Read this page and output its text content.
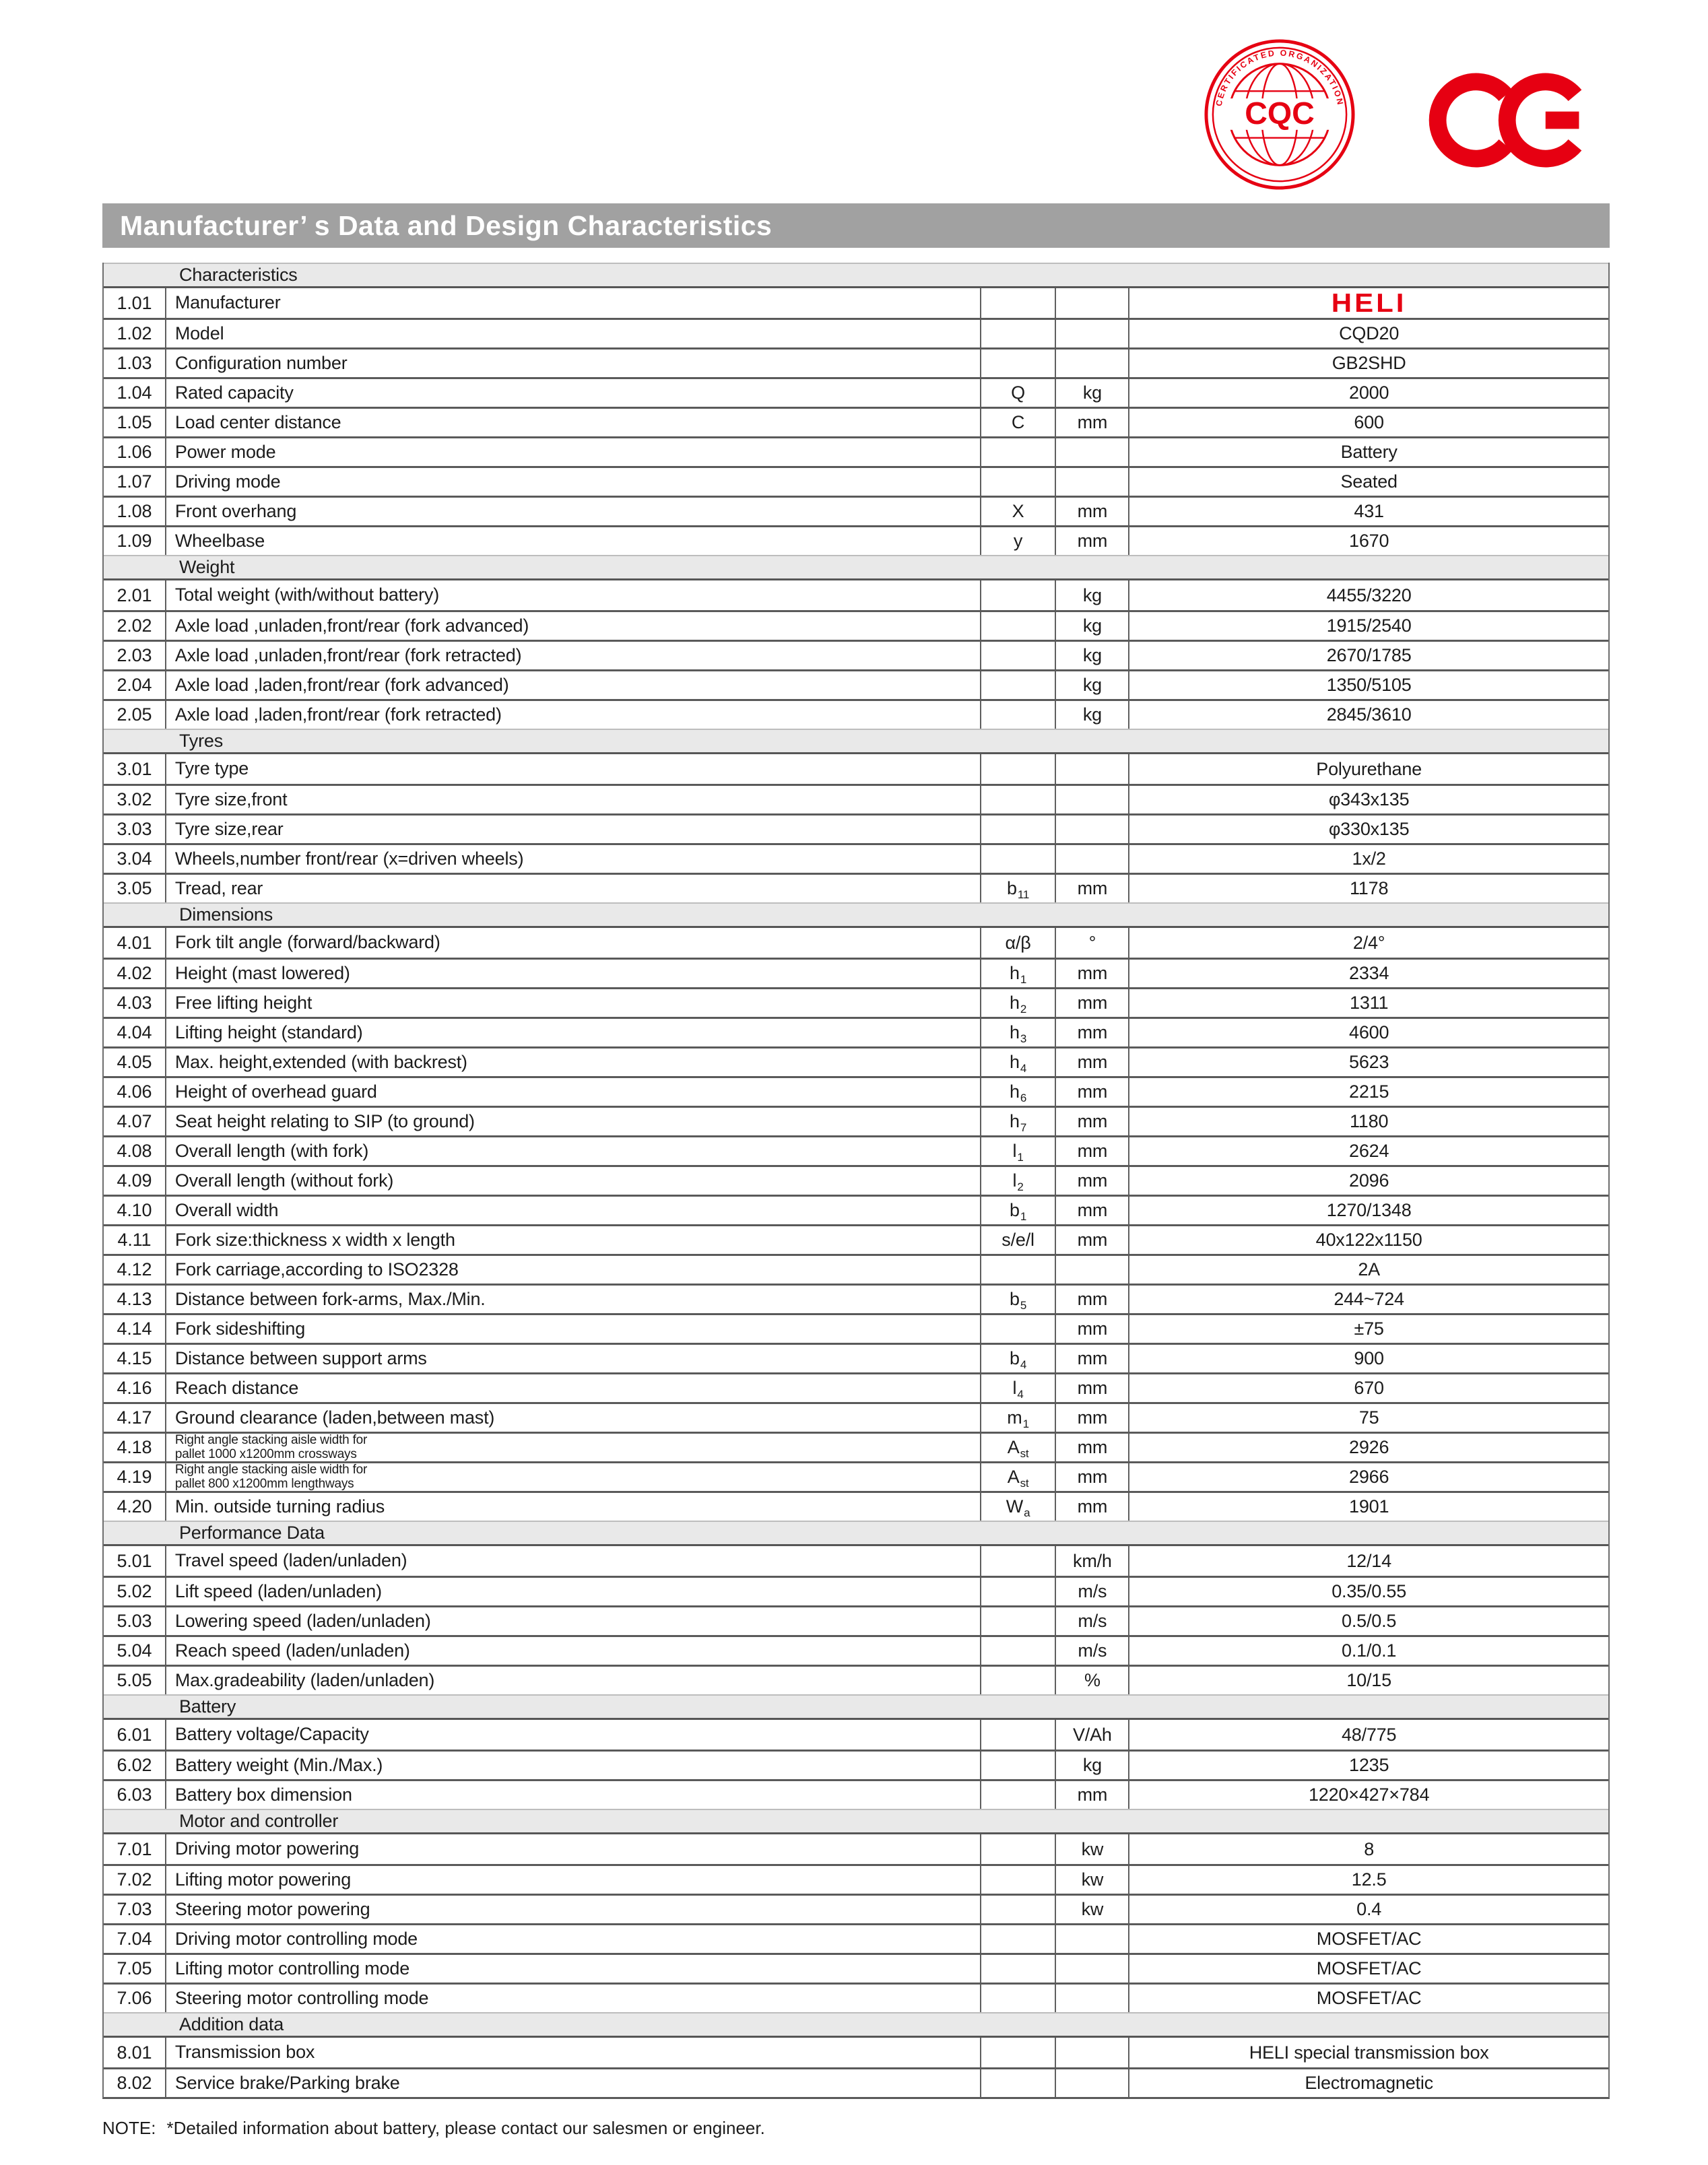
CQC
CERTIFICATED ORGANIZATION
Manufacturer’ s Data and Design Characteristics
Characteristics
1.01	Manufacturer	HELI
1.02	Model	CQD20
1.03	Configuration number	GB2SHD
1.04	Rated capacity	Q	kg	2000
1.05	Load center distance	C	mm	600
1.06	Power mode	Battery
1.07	Driving mode	Seated
1.08	Front overhang	X	mm	431
1.09	Wheelbase	y	mm	1670
Weight
2.01	Total weight (with/without battery)	kg	4455/3220
2.02	Axle load ,unladen,front/rear (fork advanced)	kg	1915/2540
2.03	Axle load ,unladen,front/rear (fork retracted)	kg	2670/1785
2.04	Axle load ,laden,front/rear (fork advanced)	kg	1350/5105
2.05	Axle load ,laden,front/rear (fork retracted)	kg	2845/3610
Tyres
3.01	Tyre type	Polyurethane
3.02	Tyre size,front	φ343x135
3.03	Tyre size,rear	φ330x135
3.04	Wheels,number front/rear (x=driven wheels)	1x/2
3.05	Tread, rear	b 11	mm	1178
Dimensions
4.01	Fork tilt angle (forward/backward)	α/β	°	2/4°
4.02	Height (mast lowered)	h 1	mm	2334
4.03	Free lifting height	h 2	mm	1311
4.04	Lifting height (standard)	h 3	mm	4600
4.05	Max. height,extended (with backrest)	h 4	mm	5623
4.06	Height of overhead guard	h 6	mm	2215
4.07	Seat height relating to SIP (to ground)	h 7	mm	1180
4.08	Overall length (with fork)	l 1	mm	2624
4.09	Overall length (without fork)	l 2	mm	2096
4.10	Overall width	b 1	mm	1270/1348
4.11	Fork size:thickness x width x length	s/e/l	mm	40x122x1150
4.12	Fork carriage,according to ISO2328	2A
4.13	Distance between fork-arms, Max./Min.	b 5	mm	244~724
4.14	Fork sideshifting	mm	±75
4.15	Distance between support arms	b 4	mm	900
4.16	Reach distance	l 4	mm	670
4.17	Ground clearance (laden,between mast)	m 1	mm	75
4.18	Right angle stacking aisle width for
pallet 1000 x1200mm crossways	A st	mm	2926
4.19	Right angle stacking aisle width for
pallet 800 x1200mm lengthways	A st	mm	2966
4.20	Min. outside turning radius	W a	mm	1901
Performance Data
5.01	Travel speed (laden/unladen)	km/h	12/14
5.02	Lift speed (laden/unladen)	m/s	0.35/0.55
5.03	Lowering speed (laden/unladen)	m/s	0.5/0.5
5.04	Reach speed (laden/unladen)	m/s	0.1/0.1
5.05	Max.gradeability (laden/unladen)	%	10/15
Battery
6.01	Battery voltage/Capacity	V/Ah	48/775
6.02	Battery weight (Min./Max.)	kg	1235
6.03	Battery box dimension	mm	1220×427×784
Motor and controller
7.01	Driving motor powering	kw	8
7.02	Lifting motor powering	kw	12.5
7.03	Steering motor powering	kw	0.4
7.04	Driving motor controlling mode	MOSFET/AC
7.05	Lifting motor controlling mode	MOSFET/AC
7.06	Steering motor controlling mode	MOSFET/AC
Addition data
8.01	Transmission box	HELI special transmission box
8.02	Service brake/Parking brake	Electromagnetic
NOTE: *Detailed information about battery, please contact our salesmen or engineer.
